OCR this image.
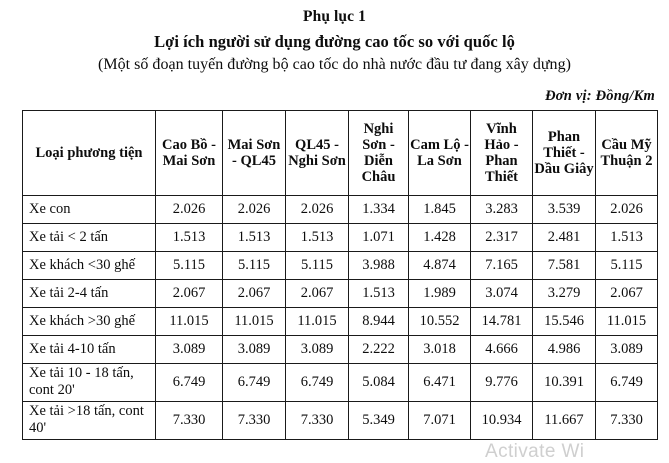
Phụ lục 1
Lợi ích người sử dụng đường cao tốc so với quốc lộ
(Một số đoạn tuyến đường bộ cao tốc do nhà nước đầu tư đang xây dựng)
Đơn vị: Đồng/Km
Loại phương tiện	Cao Bồ - Mai Sơn	Mai Sơn - QL45	QL45 - Nghi Sơn	Nghi Sơn - Diễn Châu	Cam Lộ - La Sơn	Vĩnh Hảo - Phan Thiết	Phan Thiết - Dầu Giây	Cầu Mỹ Thuận 2
Xe con	2.026	2.026	2.026	1.334	1.845	3.283	3.539	2.026
Xe tải < 2 tấn	1.513	1.513	1.513	1.071	1.428	2.317	2.481	1.513
Xe khách <30 ghế	5.115	5.115	5.115	3.988	4.874	7.165	7.581	5.115
Xe tải 2-4 tấn	2.067	2.067	2.067	1.513	1.989	3.074	3.279	2.067
Xe khách >30 ghế	11.015	11.015	11.015	8.944	10.552	14.781	15.546	11.015
Xe tải 4-10 tấn	3.089	3.089	3.089	2.222	3.018	4.666	4.986	3.089
Xe tải 10 - 18 tấn, cont 20'	6.749	6.749	6.749	5.084	6.471	9.776	10.391	6.749
Xe tải >18 tấn, cont 40'	7.330	7.330	7.330	5.349	7.071	10.934	11.667	7.330
Activate Wi
